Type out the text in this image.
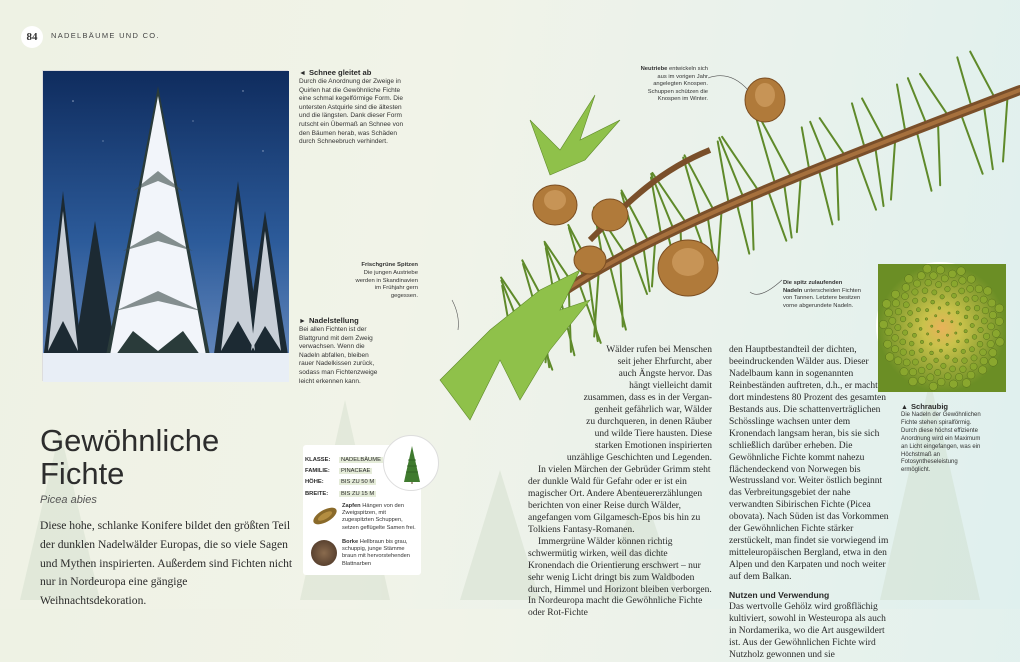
84	NADELBÄUME UND CO.
◄ Schnee gleitet ab
Durch die Anordnung der Zweige in Quirlen hat die Gewöhnliche Fichte eine schmal kegelförmige Form. Die untersten Astquirle sind die ältesten und die längsten. Dank dieser Form rutscht ein Übermaß an Schnee von den Bäumen herab, was Schäden durch Schneebruch verhindert.
► Nadelstellung
Bei allen Fichten ist der Blattgrund mit dem Zweig verwachsen. Wenn die Nadeln abfallen, bleiben rauer Nadelkissen zurück, sodass man Fichtenzweige leicht erkennen kann.
Frischgrüne Spitzen
Die jungen Austriebe werden in Skandinavien im Frühjahr gern gegessen.
Neutriebe entwickeln sich aus im vorigen Jahr angelegten Knospen. Schuppen schützen die Knospen im Winter.
Die spitz zulaufenden Nadeln unterscheiden Fichten von Tannen. Letztere besitzen vorne abgerundete Nadeln.
▲ Schraubig
Die Nadeln der Gewöhnlichen Fichte stehen spiralförmig. Durch diese höchst effiziente Anordnung wird ein Maximum an Licht eingefangen, was ein Höchstmaß an Fotosyntheseleistung ermöglicht.
Gewöhnliche
Fichte
Picea abies
Diese hohe, schlanke Konifere bildet den größten Teil der dunklen Nadelwälder Europas, die so viele Sagen und Mythen inspirierten. Außerdem sind Fichten nicht nur in Nordeuropa eine gängige Weihnachtsdekoration.
KLASSE:	NADELBÄUME
FAMILIE:	PINACEAE
HÖHE:	BIS ZU 50 M
BREITE:	BIS ZU 15 M
Zapfen Hängen von den Zweigspitzen, mit zugespitzten Schuppen, setzen geflügelte Samen frei.
Borke Hellbraun bis grau, schuppig, junge Stämme braun mit hervorstehenden Blattnarben
Wälder rufen bei Menschen
seit jeher Ehrfurcht, aber
auch Ängste hervor. Das
hängt vielleicht damit
zusammen, dass es in der Vergan-
genheit gefährlich war, Wälder
zu durchqueren, in denen Räuber
und wilde Tiere hausten. Diese
starken Emotionen inspirierten
unzählige Geschichten und Legenden.

In vielen Märchen der Gebrüder Grimm steht der dunkle Wald für Gefahr oder er ist ein magischer Ort. Andere Abenteuererzählungen berichten von einer Reise durch Wälder, angefangen vom Gilgamesch-Epos bis hin zu Tolkiens Fantasy-Romanen.

Immergrüne Wälder können richtig schwermütig wirken, weil das dichte Kronendach die Orientierung erschwert – nur sehr wenig Licht dringt bis zum Waldboden durch, Himmel und Horizont bleiben verborgen. In Nordeuropa macht die Gewöhnliche Fichte oder Rot-Fichte

den Hauptbestandteil der dichten, beeindruckenden Wälder aus. Dieser Nadelbaum kann in sogenannten Reinbeständen auftreten, d.h., er macht dort mindestens 80 Prozent des gesamten Bestands aus. Die schattenverträglichen Schösslinge wachsen unter dem Kronendach langsam heran, bis sie sich schließlich darüber erheben. Die Gewöhnliche Fichte kommt nahezu flächendeckend von Norwegen bis Westrussland vor. Weiter östlich beginnt das Verbreitungsgebiet der nahe verwandten Sibirischen Fichte (Picea obovata). Nach Süden ist das Vorkommen der Gewöhnlichen Fichte stärker zerstückelt, man findet sie vorwiegend im mitteleuropäischen Bergland, etwa in den Alpen und den Karpaten und noch weiter auf dem Balkan.

Nutzen und Verwendung

Das wertvolle Gehölz wird großflächig kultiviert, sowohl in Westeuropa als auch in Nordamerika, wo die Art ausgewildert ist. Aus der Gewöhnlichen Fichte wird Nutzholz gewonnen und sie
